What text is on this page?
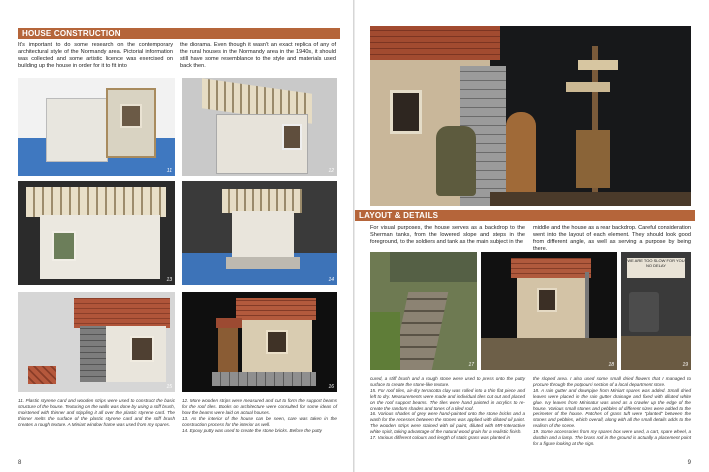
HOUSE CONSTRUCTION
It's important to do some research on the contemporary architectural style of the Normandy area. Pictorial information was collected and some artistic licence was exercised on building up the house in order for it to fit into
the diorama. Even though it wasn't an exact replica of any of the rural houses in the Normandy area in the 1940s, it should still have some resemblance to the style and materials used back then.
11	12
13	14
15	16
11. Plastic styrene card and wooden strips were used to construct the basic structure of the house. Texturing on the walls was done by using a stiff brush, moistened with thinner and stippling it all over the plastic styrene card. The thinner melts the surface of the plastic styrene card and the stiff brush creates a rough texture. A Miniart window frame was used from my spares.
12. More wooden strips were measured and cut to form the support beams for the roof tiles. Books on architecture were consulted for some ideas of how the beams were laid on actual houses.
13. As the interior of the house can be seen, care was taken in the construction process for the interior as well.
14. Epoxy putty was used to create the stone bricks. Before the putty
8
LAYOUT & DETAILS
For visual purposes, the house serves as a backdrop to the Sherman tanks, from the lowered slope and steps in the foreground, to the soldiers and tank as the main subject in the
middle and the house as a rear backdrop. Careful consideration went into the layout of each element. They should look good from different angle, as well as serving a purpose by being there.
17	18
WE ARE TOO SLOW FOR YOU NO DELAY
19
cured, a stiff brush and a rough stone were used to press onto the putty surface to create the stone-like texture.
15. For roof tiles, air-dry terracotta clay was rolled into a thin flat piece and left to dry. Measurements were made and individual tiles cut out and placed on the roof support beams. The tiles were hand painted in acrylics to re-create the random shades and tones of a tiled roof.
16. Various shades of grey were hand-painted onto the stone bricks and a wash for the recesses between the stones was applied with diluted oil paint. The wooden strips were stained with oil paint, diluted with MR-Interactive white spirit, taking advantage of the natural wood grain for a realistic finish.
17. Various different colours and length of static grass was planted in
the sloped area. I also used some small dried flowers that I managed to procure through the potpourri section of a local department store.
18. A rain gutter and downpipe from Miniart spares was added. Small dried leaves were placed in the rain gutter drainage and fixed with diluted white glue. Ivy leaves from Mininatur was used as a crawler up the edge of the house. Various small stones and pebbles of different sizes were added to the perimeter of the house. Patches of grass tuft were "planted" between the stones and pebbles, which overall, along with all the small details adds to the realism of the scene.
19. Some accessories from my spares box were used, a cart, spare wheel, a dustbin and a lamp. The brass rod in the ground is actually a placement point for a figure looking at the sign.
9
